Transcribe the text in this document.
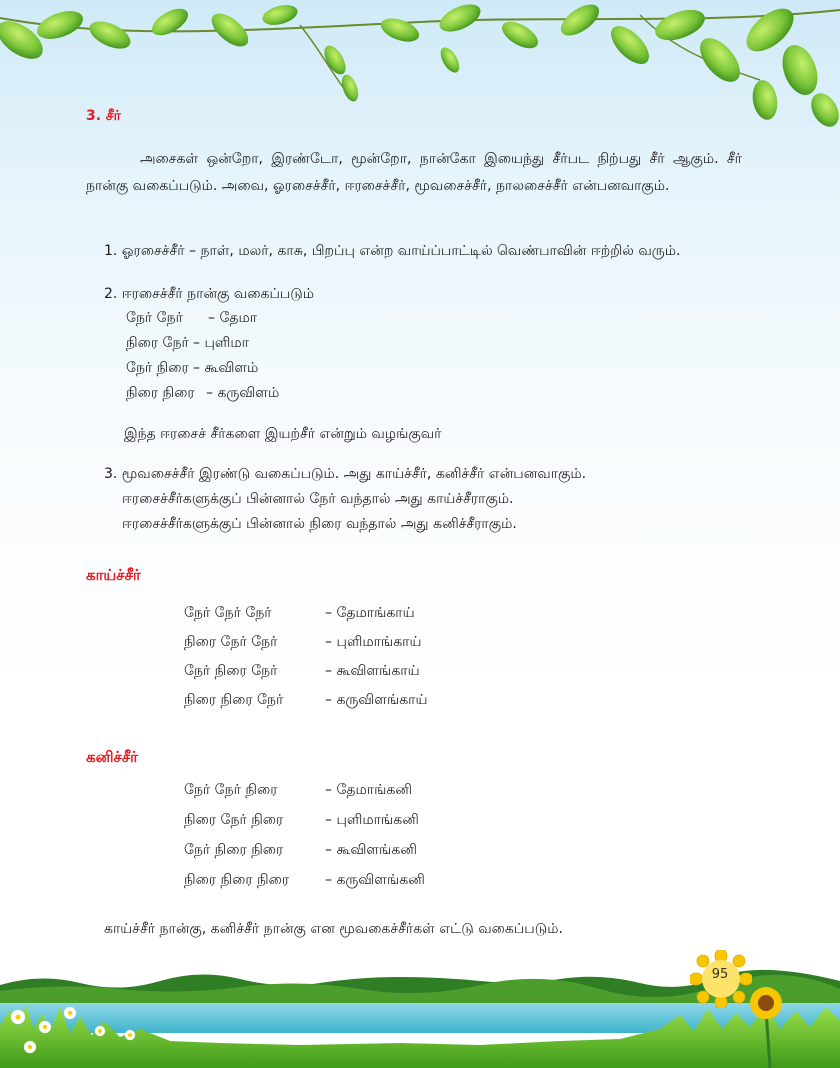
3. சீர்

அசைகள் ஒன்றோ, இரண்டோ, மூன்றோ, நான்கோ இயைந்து சீர்பட நிற்பது சீர் ஆகும். சீர் நான்கு வகைப்படும். அவை, ஓரசைச்சீர், ஈரசைச்சீர், மூவசைச்சீர், நாலசைச்சீர் என்பனவாகும்.

1. ஓரசைச்சீர் – நாள், மலர், காசு, பிறப்பு என்ற வாய்ப்பாட்டில் வெண்பாவின் ஈற்றில் வரும்.

2. ஈரசைச்சீர் நான்கு வகைப்படும்

நேர் நேர் – தேமா
நிரை நேர் – புளிமா
நேர் நிரை – கூவிளம்
நிரை நிரை – கருவிளம்

இந்த ஈரசைச் சீர்களை இயற்சீர் என்றும் வழங்குவர்

3. மூவசைச்சீர் இரண்டு வகைப்படும். அது காய்ச்சீர், கனிச்சீர் என்பனவாகும்.

ஈரசைச்சீர்களுக்குப் பின்னால் நேர் வந்தால் அது காய்ச்சீராகும்.

ஈரசைச்சீர்களுக்குப் பின்னால் நிரை வந்தால் அது கனிச்சீராகும்.

காய்ச்சீர்
நேர் நேர் நேர்	– தேமாங்காய்
நிரை நேர் நேர்	– புளிமாங்காய்
நேர் நிரை நேர்	– கூவிளங்காய்
நிரை நிரை நேர்	– கருவிளங்காய்
கனிச்சீர்
நேர் நேர் நிரை	– தேமாங்கனி
நிரை நேர் நிரை	– புளிமாங்கனி
நேர் நிரை நிரை	– கூவிளங்கனி
நிரை நிரை நிரை	– கருவிளங்கனி

காய்ச்சீர் நான்கு, கனிச்சீர் நான்கு என மூவகைச்சீர்கள் எட்டு வகைப்படும்.

95
